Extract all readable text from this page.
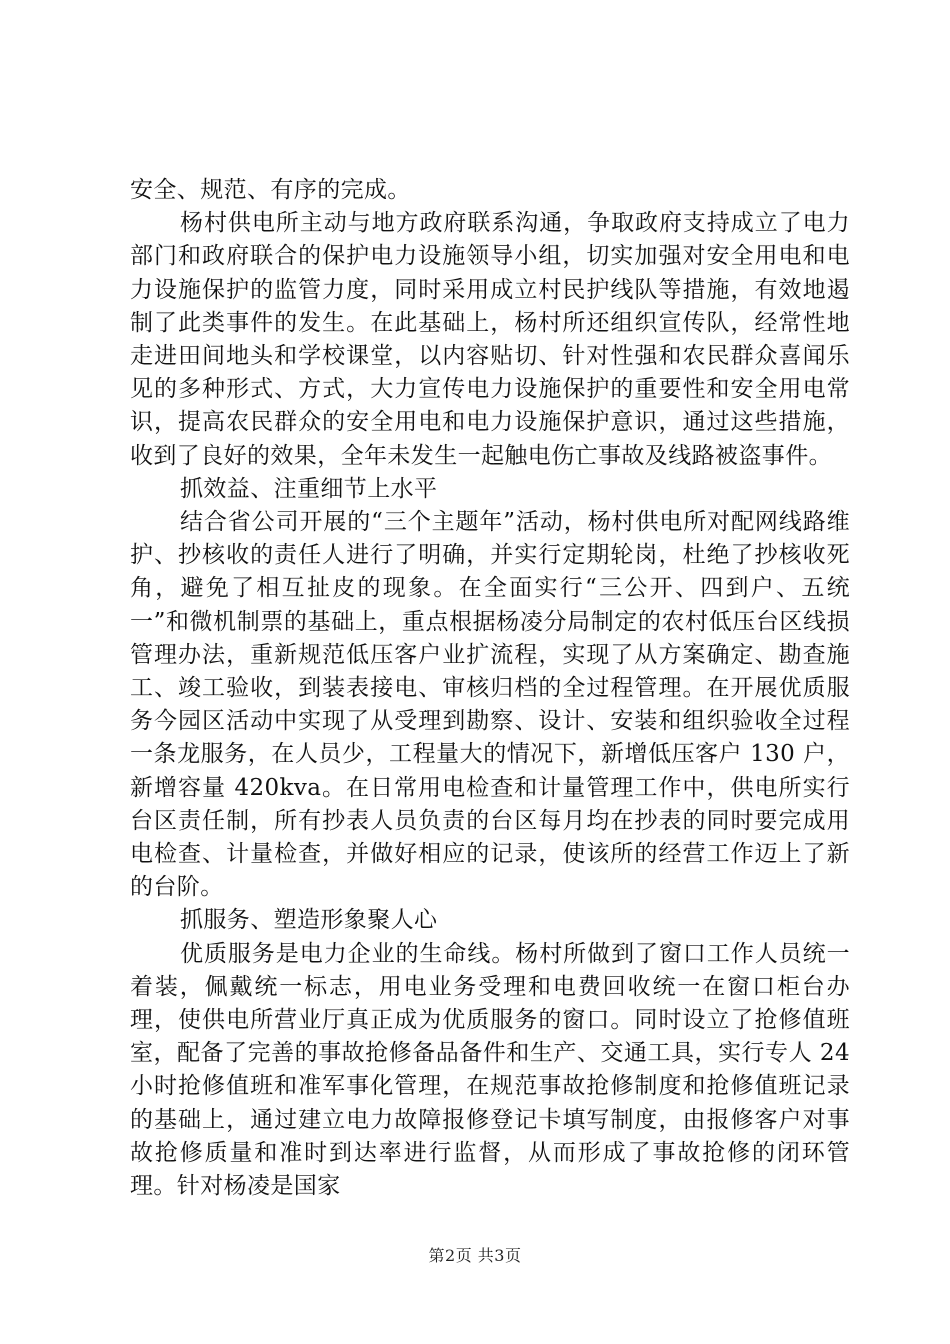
安全、规范、有序的完成。

杨村供电所主动与地方政府联系沟通，争取政府支持成立了电力部门和政府联合的保护电力设施领导小组，切实加强对安全用电和电力设施保护的监管力度，同时采用成立村民护线队等措施，有效地遏制了此类事件的发生。在此基础上，杨村所还组织宣传队，经常性地走进田间地头和学校课堂，以内容贴切、针对性强和农民群众喜闻乐见的多种形式、方式，大力宣传电力设施保护的重要性和安全用电常识，提高农民群众的安全用电和电力设施保护意识，通过这些措施，收到了良好的效果，全年未发生一起触电伤亡事故及线路被盗事件。

抓效益、注重细节上水平

结合省公司开展的“三个主题年”活动，杨村供电所对配网线路维护、抄核收的责任人进行了明确，并实行定期轮岗，杜绝了抄核收死角，避免了相互扯皮的现象。在全面实行“三公开、四到户、五统一”和微机制票的基础上，重点根据杨凌分局制定的农村低压台区线损管理办法，重新规范低压客户业扩流程，实现了从方案确定、勘查施工、竣工验收，到装表接电、审核归档的全过程管理。在开展优质服务今园区活动中实现了从受理到勘察、设计、安装和组织验收全过程一条龙服务，在人员少，工程量大的情况下，新增低压客户 130 户，新增容量 420kva。在日常用电检查和计量管理工作中，供电所实行台区责任制，所有抄表人员负责的台区每月均在抄表的同时要完成用电检查、计量检查，并做好相应的记录，使该所的经营工作迈上了新的台阶。

抓服务、塑造形象聚人心

优质服务是电力企业的生命线。杨村所做到了窗口工作人员统一着装，佩戴统一标志，用电业务受理和电费回收统一在窗口柜台办理，使供电所营业厅真正成为优质服务的窗口。同时设立了抢修值班室，配备了完善的事故抢修备品备件和生产、交通工具，实行专人 24 小时抢修值班和准军事化管理，在规范事故抢修制度和抢修值班记录的基础上，通过建立电力故障报修登记卡填写制度，由报修客户对事故抢修质量和准时到达率进行监督，从而形成了事故抢修的闭环管理。针对杨凌是国家

第2页 共3页
